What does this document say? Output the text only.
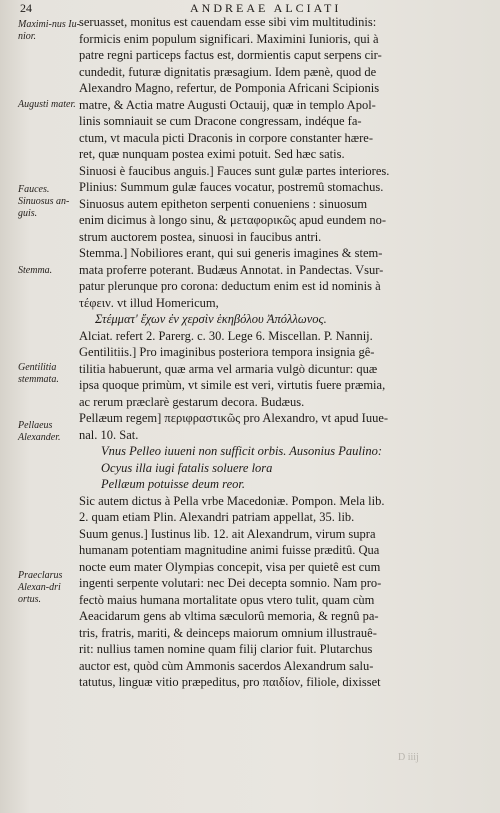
24	ANDREAE ALCIATI
Maximi-nus Iu-nior.
Augusti mater.
Fauces. Sinuosus an-guis.
Stemma.
Gentilitia stemmata.
Pellaeus Alexander.
Praeclarus Alexan-dri ortus.
seruasset, monitus est cauendam esse sibi vim multitudinis:
formicis enim populum significari. Maximini Iunioris, qui à
patre regni particeps factus est, dormientis caput serpens cir-
cundedit, futuræ dignitatis præsagium. Idem pænè, quod de
Alexandro Magno, refertur, de Pomponia Africani Scipionis
matre, & Actia matre Augusti Octauij, quæ in templo Apol-
linis somniauit se cum Dracone congressam, indéque fa-
ctum, vt macula picti Draconis in corpore constanter hære-
ret, quæ nunquam postea eximi potuit. Sed hæc satis.
Sinuosi è faucibus anguis.] Fauces sunt gulæ partes interiores.
Plinius: Summum gulæ fauces vocatur, postremû stomachus.
Sinuosus autem epitheton serpenti conueniens : sinuosum
enim dicimus à longo sinu, & μεταφορικῶς apud eundem no-
strum auctorem postea, sinuosi in faucibus antri.
Stemma.] Nobiliores erant, qui sui generis imagines & stem-
mata proferre poterant. Budæus Annotat. in Pandectas. Vsur-
patur plerunque pro corona: deductum enim est id nominis à
τέφειν. vt illud Homericum,
Στέμματ' ἔχων ἐν χερσὶν ἑκηβόλου Ἀπόλλωνος.
Alciat. refert 2. Parerg. c. 30. Lege 6. Miscellan. P. Nannij.
Gentilitiis.] Pro imaginibus posteriora tempora insignia gê-
tilitia habuerunt, quæ arma vel armaria vulgò dicuntur: quæ
ipsa quoque primùm, vt simile est veri, virtutis fuere præmia,
ac rerum præclarè gestarum decora. Budæus.
Pellæum regem] περιφραστικῶς pro Alexandro, vt apud Iuue-
nal. 10. Sat.
Vnus Pelleo iuueni non sufficit orbis. Ausonius Paulino:
Ocyus illa iugi fatalis soluere lora
Pellæum potuisse deum reor.
Sic autem dictus à Pella vrbe Macedoniæ. Pompon. Mela lib.
2. quam etiam Plin. Alexandri patriam appellat, 35. lib.
Suum genus.] Iustinus lib. 12. ait Alexandrum, virum supra
humanam potentiam magnitudine animi fuisse præditû. Qua
nocte eum mater Olympias concepit, visa per quietê est cum
ingenti serpente volutari: nec Dei decepta somnio. Nam pro-
fectò maius humana mortalitate opus vtero tulit, quam cùm
Aeacidarum gens ab vltima sæculorû memoria, & regnû pa-
tris, fratris, mariti, & deinceps maiorum omnium illustrauê-
rit: nullius tamen nomine quam filij clarior fuit. Plutarchus
auctor est, quòd cùm Ammonis sacerdos Alexandrum salu-
tatutus, linguæ vitio præpeditus, pro παιδίον, filiole, dixisset
D iiij
